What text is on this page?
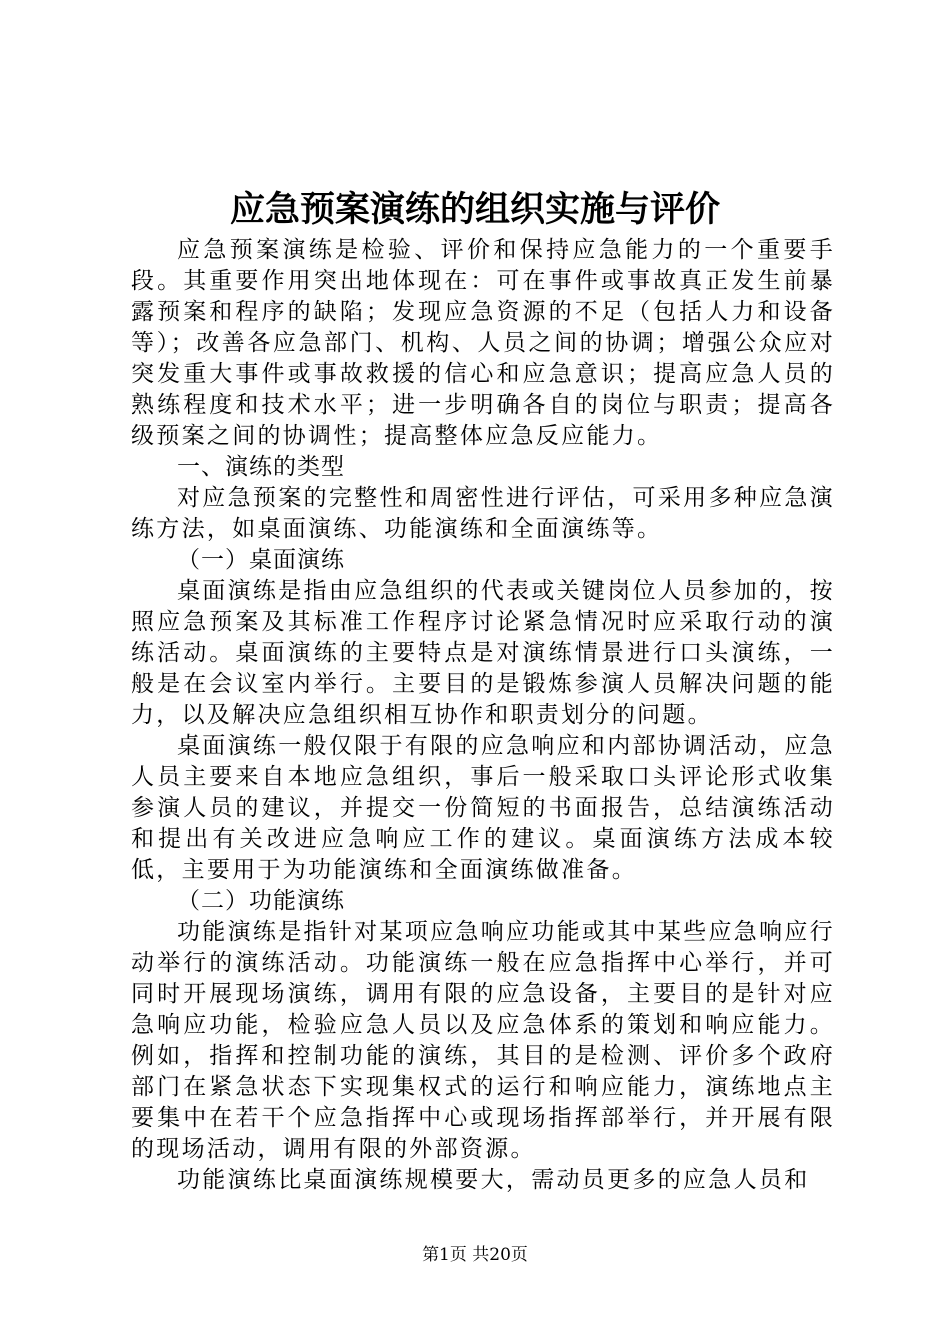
应急预案演练的组织实施与评价

应急预案演练是检验、评价和保持应急能力的一个重要手段。其重要作用突出地体现在：可在事件或事故真正发生前暴露预案和程序的缺陷；发现应急资源的不足（包括人力和设备等）；改善各应急部门、机构、人员之间的协调；增强公众应对突发重大事件或事故救援的信心和应急意识；提高应急人员的熟练程度和技术水平；进一步明确各自的岗位与职责；提高各级预案之间的协调性；提高整体应急反应能力。

一、演练的类型

对应急预案的完整性和周密性进行评估，可采用多种应急演练方法，如桌面演练、功能演练和全面演练等。

（一）桌面演练

桌面演练是指由应急组织的代表或关键岗位人员参加的，按照应急预案及其标准工作程序讨论紧急情况时应采取行动的演练活动。桌面演练的主要特点是对演练情景进行口头演练，一般是在会议室内举行。主要目的是锻炼参演人员解决问题的能力，以及解决应急组织相互协作和职责划分的问题。

桌面演练一般仅限于有限的应急响应和内部协调活动，应急人员主要来自本地应急组织，事后一般采取口头评论形式收集参演人员的建议，并提交一份简短的书面报告，总结演练活动和提出有关改进应急响应工作的建议。桌面演练方法成本较低，主要用于为功能演练和全面演练做准备。

（二）功能演练

功能演练是指针对某项应急响应功能或其中某些应急响应行动举行的演练活动。功能演练一般在应急指挥中心举行，并可同时开展现场演练，调用有限的应急设备，主要目的是针对应急响应功能，检验应急人员以及应急体系的策划和响应能力。例如，指挥和控制功能的演练，其目的是检测、评价多个政府部门在紧急状态下实现集权式的运行和响应能力，演练地点主要集中在若干个应急指挥中心或现场指挥部举行，并开展有限的现场活动，调用有限的外部资源。

功能演练比桌面演练规模要大，需动员更多的应急人员和

第1页 共20页
